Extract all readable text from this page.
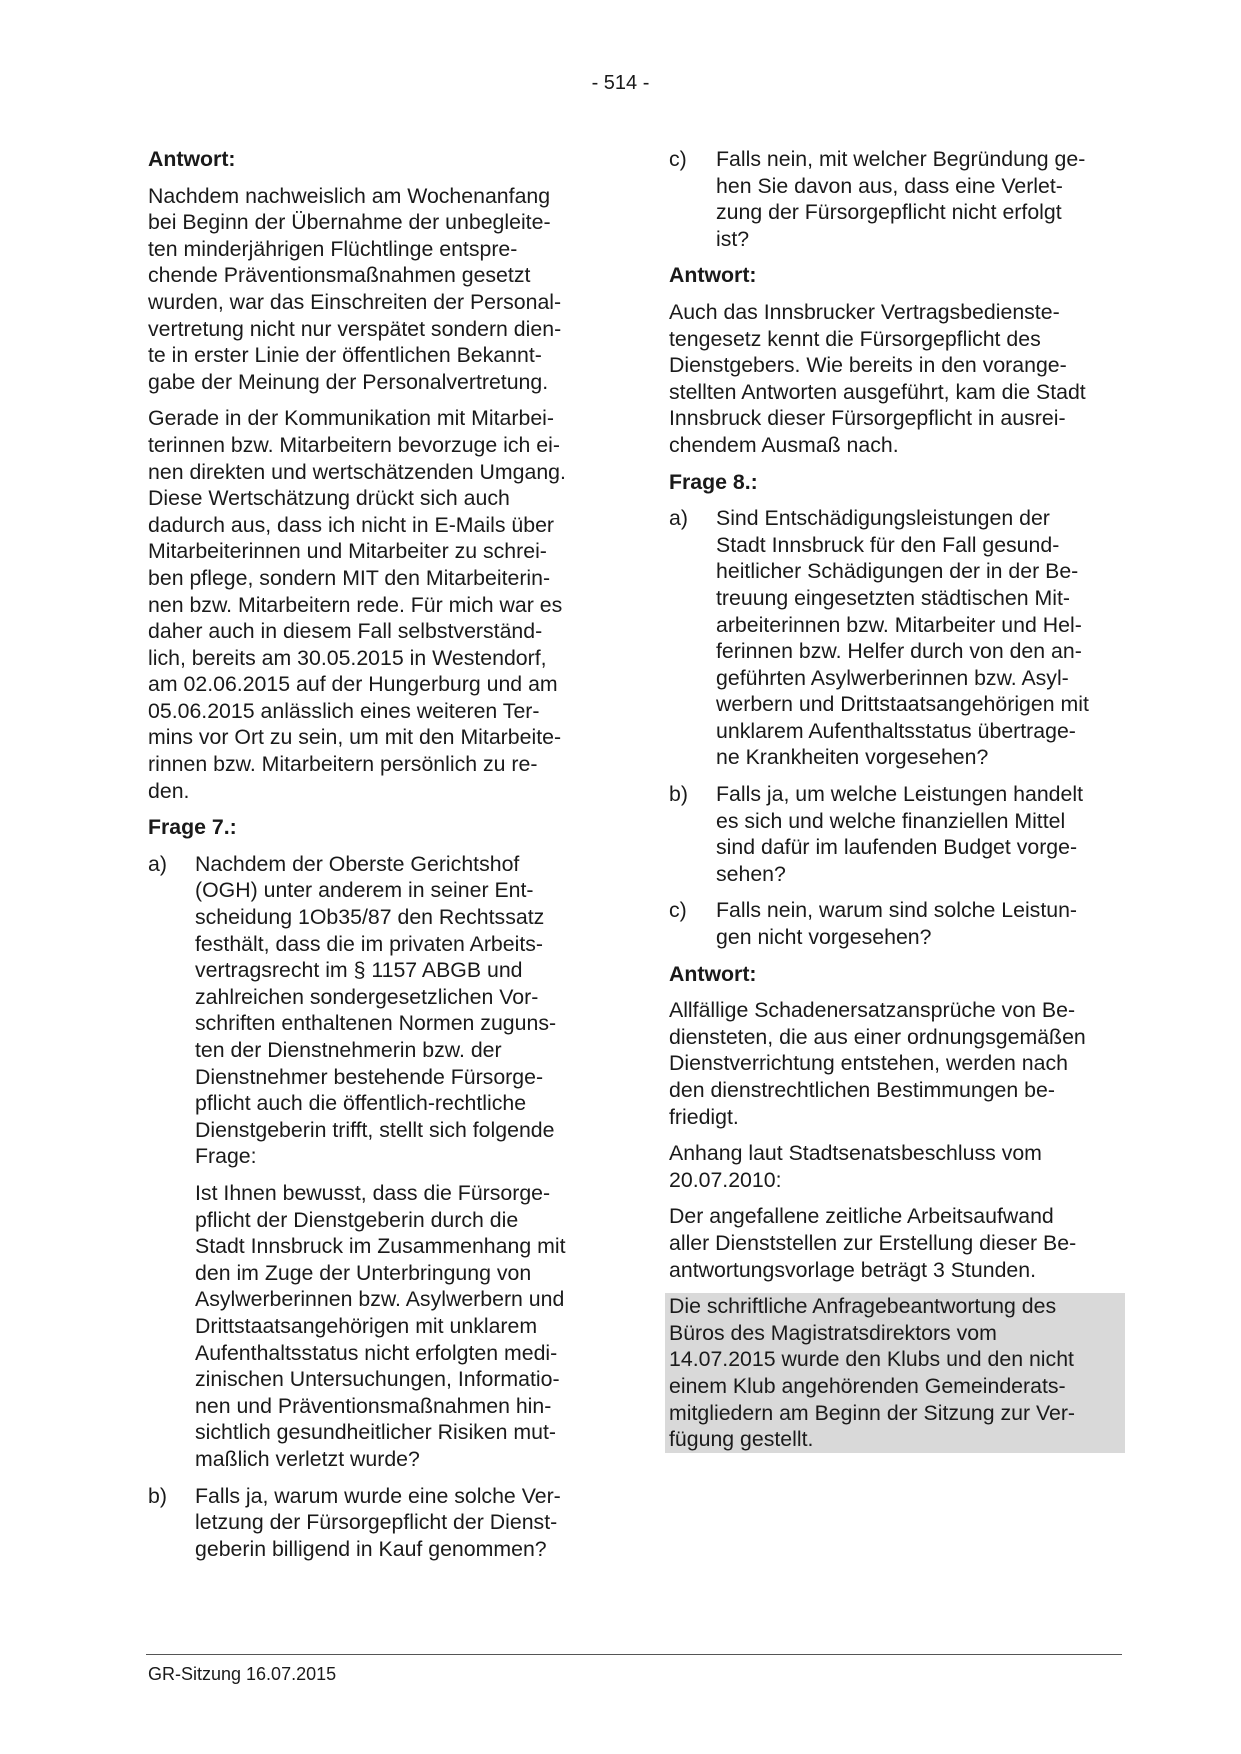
- 514 -

Antwort:

Nachdem nachweislich am Wochenanfang
bei Beginn der Übernahme der unbegleite-
ten minderjährigen Flüchtlinge entspre-
chende Präventionsmaßnahmen gesetzt
wurden, war das Einschreiten der Personal-
vertretung nicht nur verspätet sondern dien-
te in erster Linie der öffentlichen Bekannt-
gabe der Meinung der Personalvertretung.

Gerade in der Kommunikation mit Mitarbei-
terinnen bzw. Mitarbeitern bevorzuge ich ei-
nen direkten und wertschätzenden Umgang.
Diese Wertschätzung drückt sich auch
dadurch aus, dass ich nicht in E-Mails über
Mitarbeiterinnen und Mitarbeiter zu schrei-
ben pflege, sondern MIT den Mitarbeiterin-
nen bzw. Mitarbeitern rede. Für mich war es
daher auch in diesem Fall selbstverständ-
lich, bereits am 30.05.2015 in Westendorf,
am 02.06.2015 auf der Hungerburg und am
05.06.2015 anlässlich eines weiteren Ter-
mins vor Ort zu sein, um mit den Mitarbeite-
rinnen bzw. Mitarbeitern persönlich zu re-
den.

Frage 7.:

a) Nachdem der Oberste Gerichtshof
(OGH) unter anderem in seiner Ent-
scheidung 1Ob35/87 den Rechtssatz
festhält, dass die im privaten Arbeits-
vertragsrecht im § 1157 ABGB und
zahlreichen sondergesetzlichen Vor-
schriften enthaltenen Normen zuguns-
ten der Dienstnehmerin bzw. der
Dienstnehmer bestehende Fürsorge-
pflicht auch die öffentlich-rechtliche
Dienstgeberin trifft, stellt sich folgende
Frage:
Ist Ihnen bewusst, dass die Fürsorge-
pflicht der Dienstgeberin durch die
Stadt Innsbruck im Zusammenhang mit
den im Zuge der Unterbringung von
Asylwerberinnen bzw. Asylwerbern und
Drittstaatsangehörigen mit unklarem
Aufenthaltsstatus nicht erfolgten medi-
zinischen Untersuchungen, Informatio-
nen und Präventionsmaßnahmen hin-
sichtlich gesundheitlicher Risiken mut-
maßlich verletzt wurde?
b) Falls ja, warum wurde eine solche Ver-
letzung der Fürsorgepflicht der Dienst-
geberin billigend in Kauf genommen?
c) Falls nein, mit welcher Begründung ge-
hen Sie davon aus, dass eine Verlet-
zung der Fürsorgepflicht nicht erfolgt
ist?

Antwort:

Auch das Innsbrucker Vertragsbedienste-
tengesetz kennt die Fürsorgepflicht des
Dienstgebers. Wie bereits in den vorange-
stellten Antworten ausgeführt, kam die Stadt
Innsbruck dieser Fürsorgepflicht in ausrei-
chendem Ausmaß nach.

Frage 8.:

a) Sind Entschädigungsleistungen der
Stadt Innsbruck für den Fall gesund-
heitlicher Schädigungen der in der Be-
treuung eingesetzten städtischen Mit-
arbeiterinnen bzw. Mitarbeiter und Hel-
ferinnen bzw. Helfer durch von den an-
geführten Asylwerberinnen bzw. Asyl-
werbern und Drittstaatsangehörigen mit
unklarem Aufenthaltsstatus übertrage-
ne Krankheiten vorgesehen?
b) Falls ja, um welche Leistungen handelt
es sich und welche finanziellen Mittel
sind dafür im laufenden Budget vorge-
sehen?
c) Falls nein, warum sind solche Leistun-
gen nicht vorgesehen?

Antwort:

Allfällige Schadenersatzansprüche von Be-
diensteten, die aus einer ordnungsgemäßen
Dienstverrichtung entstehen, werden nach
den dienstrechtlichen Bestimmungen be-
friedigt.

Anhang laut Stadtsenatsbeschluss vom
20.07.2010:

Der angefallene zeitliche Arbeitsaufwand
aller Dienststellen zur Erstellung dieser Be-
antwortungsvorlage beträgt 3 Stunden.

Die schriftliche Anfragebeantwortung des
Büros des Magistratsdirektors vom
14.07.2015 wurde den Klubs und den nicht
einem Klub angehörenden Gemeinderats-
mitgliedern am Beginn der Sitzung zur Ver-
fügung gestellt.
GR-Sitzung 16.07.2015
